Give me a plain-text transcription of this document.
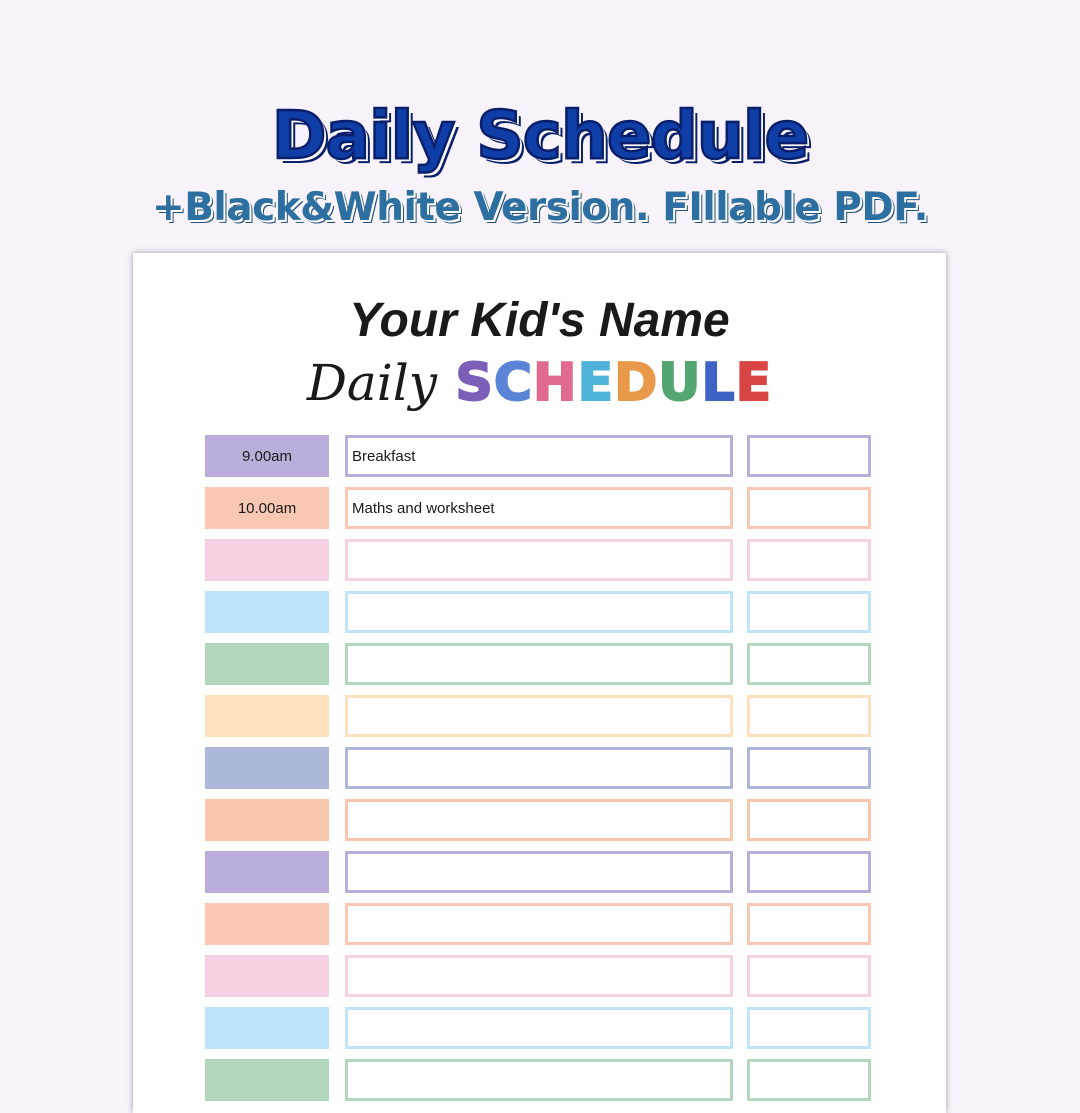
Daily Schedule
+Black&White Version. FIllable PDF.
Your Kid's Name
Daily SCHEDULE
9.00am	Breakfast
10.00am	Maths and worksheet
